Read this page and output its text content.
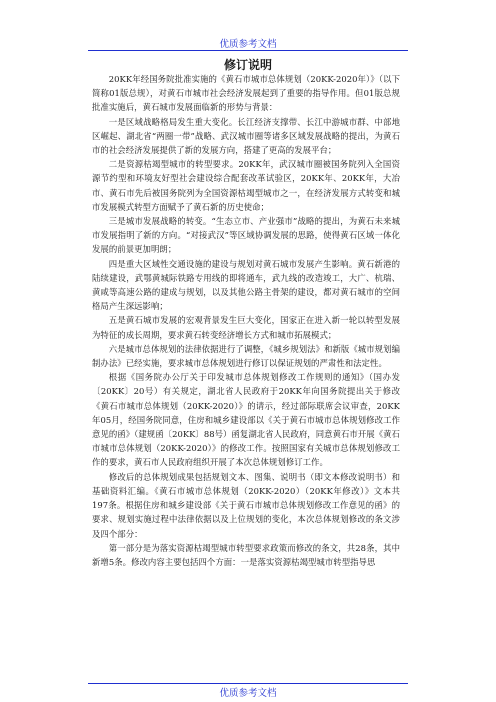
优质参考文档
修订说明

20KK年经国务院批准实施的《黄石市城市总体规划（20KK-2020年）》（以下简称01版总规），对黄石市城市社会经济发展起到了重要的指导作用。但01版总规批准实施后，黄石城市发展面临新的形势与背景：

一是区域战略格局发生重大变化。长江经济支撑带、长江中游城市群、中部地区崛起、湖北省“两圈一带”战略、武汉城市圈等诸多区域发展战略的提出，为黄石市的社会经济发展提供了新的发展方向，搭建了更高的发展平台；

二是资源枯竭型城市的转型要求。20KK年，武汉城市圈被国务院列入全国资源节约型和环境友好型社会建设综合配套改革试验区，20KK年、20KK年，大冶市、黄石市先后被国务院列为全国资源枯竭型城市之一，在经济发展方式转变和城市发展模式转型方面赋予了黄石新的历史使命；

三是城市发展战略的转变。“生态立市、产业强市”战略的提出，为黄石未来城市发展指明了新的方向。“对接武汉”等区域协调发展的思路，使得黄石区域一体化发展的前景更加明朗；

四是重大区域性交通设施的建设与规划对黄石城市发展产生影响。黄石新港的陆续建设，武鄂黄城际铁路专用线的即将通车，武九线的改造竣工，大广、杭瑞、黄咸等高速公路的建成与规划，以及其他公路主骨架的建设，都对黄石城市的空间格局产生深远影响；

五是黄石城市发展的宏观背景发生巨大变化，国家正在进入新一轮以转型发展为特征的成长周期，要求黄石转变经济增长方式和城市拓展模式；

六是城市总体规划的法律依据进行了调整，《城乡规划法》和新版《城市规划编制办法》已经实施，要求城市总体规划进行修订以保证规划的严肃性和法定性。

根据《国务院办公厅关于印发城市总体规划修改工作规则的通知》（国办发〔20KK〕20号）有关规定，湖北省人民政府于20KK年向国务院提出关于修改《黄石市城市总体规划（20KK-2020）》的请示，经过部际联席会议审查，20KK年05月，经国务院同意，住房和城乡建设部以《关于黄石市城市总体规划修改工作意见的函》（建规函〔20KK〕88号）函复湖北省人民政府，同意黄石市开展《黄石市城市总体规划（20KK-2020）》的修改工作。按照国家有关城市总体规划修改工作的要求，黄石市人民政府组织开展了本次总体规划修订工作。

修改后的总体规划成果包括规划文本、图集、说明书（即文本修改说明书）和基础资料汇编。《黄石市城市总体规划（20KK-2020）（20KK年修改）》文本共197条。根据住房和城乡建设部《关于黄石市城市总体规划修改工作意见的函》的要求、规划实施过程中法律依据以及上位规划的变化，本次总体规划修改的条文涉及四个部分：

第一部分是为落实资源枯竭型城市转型要求政策而修改的条文，共28条，其中新增5条。修改内容主要包括四个方面：一是落实资源枯竭型城市转型指导思

优质参考文档
